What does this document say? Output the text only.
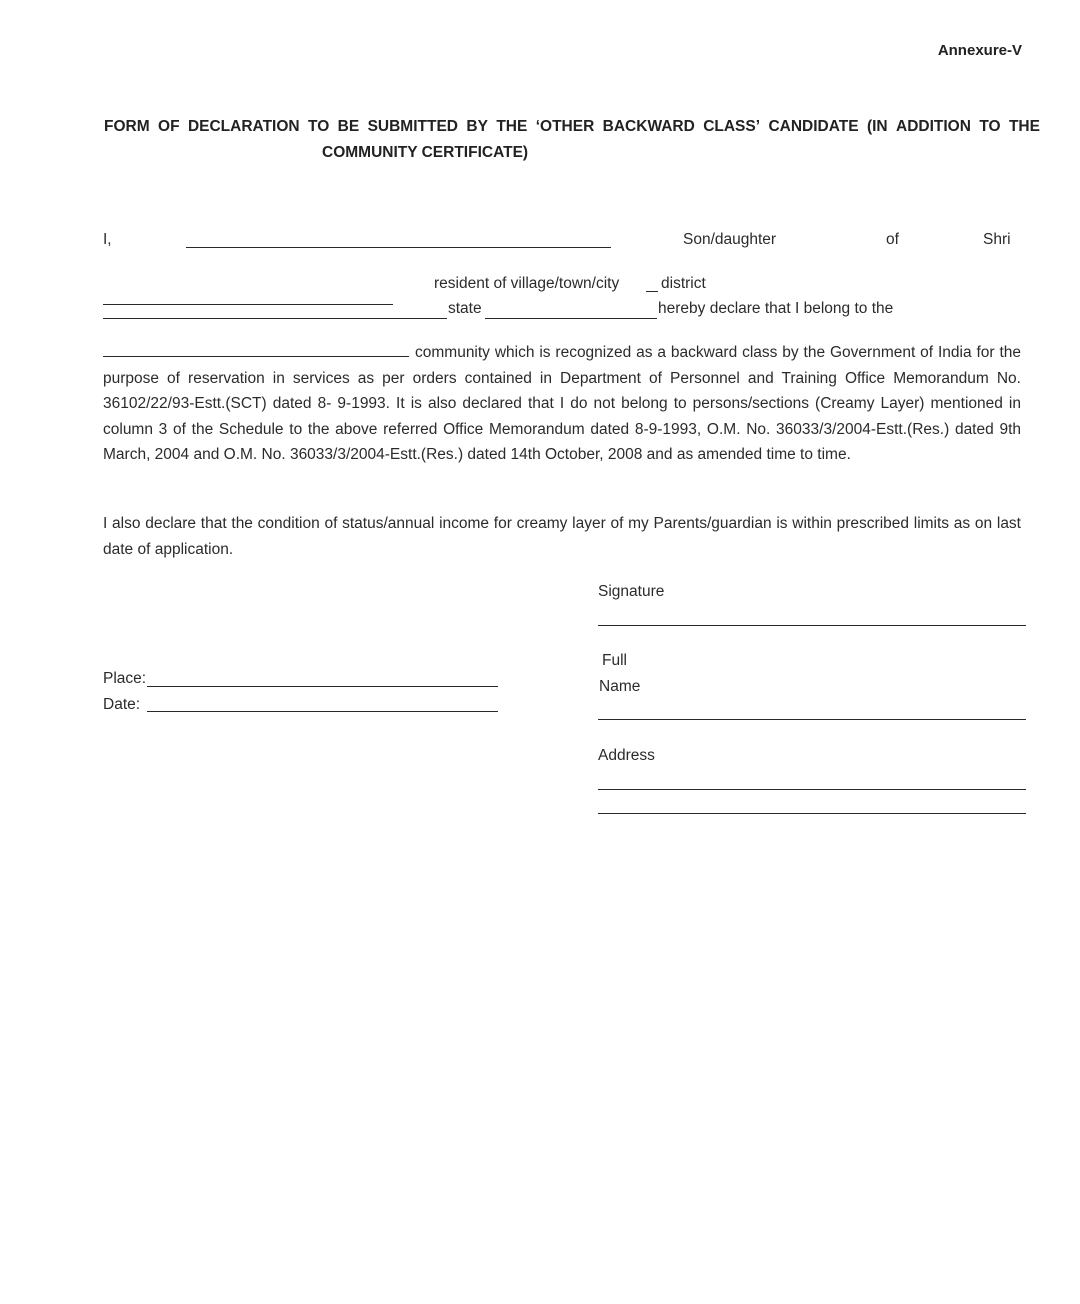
Annexure-V
FORM OF DECLARATION TO BE SUBMITTED BY THE ‘OTHER BACKWARD CLASS’ CANDIDATE (IN ADDITION TO THE
COMMUNITY CERTIFICATE)
I,	Son/daughter	of	Shri
resident of village/town/city	district
state	hereby declare that I belong to the
community which is recognized as a backward class by the Government of India for the purpose of reservation in services as per orders contained in Department of Personnel and Training Office Memorandum No. 36102/22/93-Estt.(SCT) dated 8- 9-1993. It is also declared that I do not belong to persons/sections (Creamy Layer) mentioned in column 3 of the Schedule to the above referred Office Memorandum dated 8-9-1993, O.M. No. 36033/3/2004-Estt.(Res.) dated 9th March, 2004 and O.M. No. 36033/3/2004-Estt.(Res.) dated 14th October, 2008 and as amended time to time.
I also declare that the condition of status/annual income for creamy layer of my Parents/guardian is within prescribed limits as on last date of application.
Signature
Full
Name
Address
Place:
Date:
